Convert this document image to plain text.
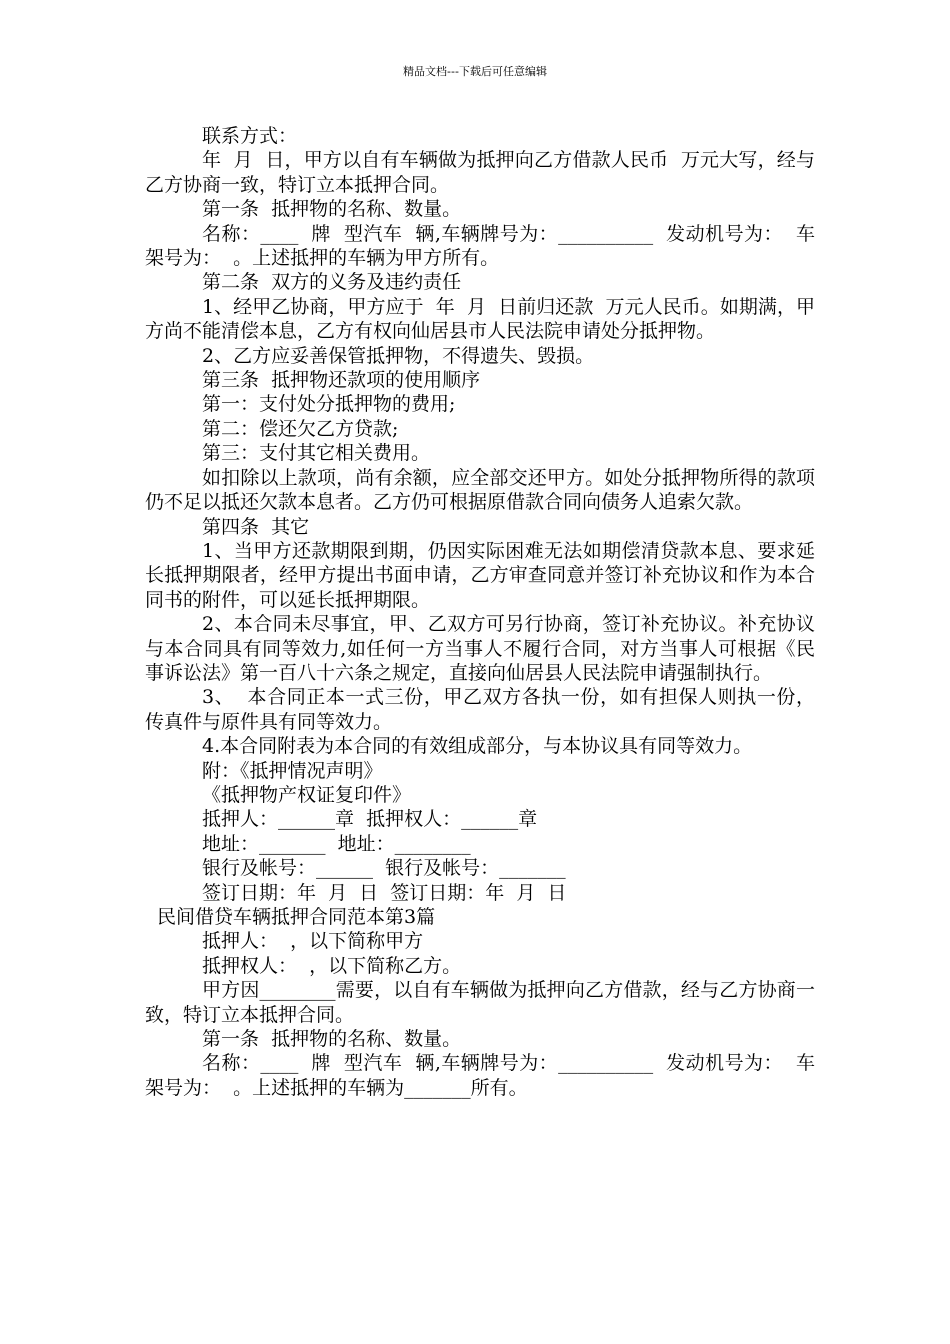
精品文档---下载后可任意编辑

联系方式：

年  月  日，甲方以自有车辆做为抵押向乙方借款人民币  万元大写，经与乙方协商一致，特订立本抵押合同。

第一条  抵押物的名称、数量。

名称：____  牌  型汽车  辆,车辆牌号为：__________  发动机号为：  车架号为：  。上述抵押的车辆为甲方所有。

第二条  双方的义务及违约责任

1、经甲乙协商，甲方应于  年  月  日前归还款  万元人民币。如期满，甲方尚不能清偿本息，乙方有权向仙居县市人民法院申请处分抵押物。

2、乙方应妥善保管抵押物，不得遗失、毁损。

第三条  抵押物还款项的使用顺序

第一：支付处分抵押物的费用;

第二：偿还欠乙方贷款;

第三：支付其它相关费用。

如扣除以上款项，尚有余额，应全部交还甲方。如处分抵押物所得的款项仍不足以抵还欠款本息者。乙方仍可根据原借款合同向债务人追索欠款。

第四条  其它

1、当甲方还款期限到期，仍因实际困难无法如期偿清贷款本息、要求延长抵押期限者，经甲方提出书面申请，乙方审查同意并签订补充协议和作为本合同书的附件，可以延长抵押期限。

2、本合同未尽事宜，甲、乙双方可另行协商，签订补充协议。补充协议与本合同具有同等效力,如任何一方当事人不履行合同，对方当事人可根据《民事诉讼法》第一百八十六条之规定，直接向仙居县人民法院申请强制执行。

3、  本合同正本一式三份，甲乙双方各执一份，如有担保人则执一份，传真件与原件具有同等效力。

4.本合同附表为本合同的有效组成部分，与本协议具有同等效力。

附：《抵押情况声明》

《抵押物产权证复印件》

抵押人：______章  抵押权人：______章

地址：_______  地址：________

银行及帐号：______  银行及帐号：_______

签订日期：年  月  日  签订日期：年  月  日

民间借贷车辆抵押合同范本第3篇

抵押人：  ，以下简称甲方

抵押权人：  ，以下简称乙方。

甲方因________需要，以自有车辆做为抵押向乙方借款，经与乙方协商一致，特订立本抵押合同。

第一条  抵押物的名称、数量。

名称：____  牌  型汽车  辆,车辆牌号为：__________  发动机号为：  车架号为：  。上述抵押的车辆为_______所有。
